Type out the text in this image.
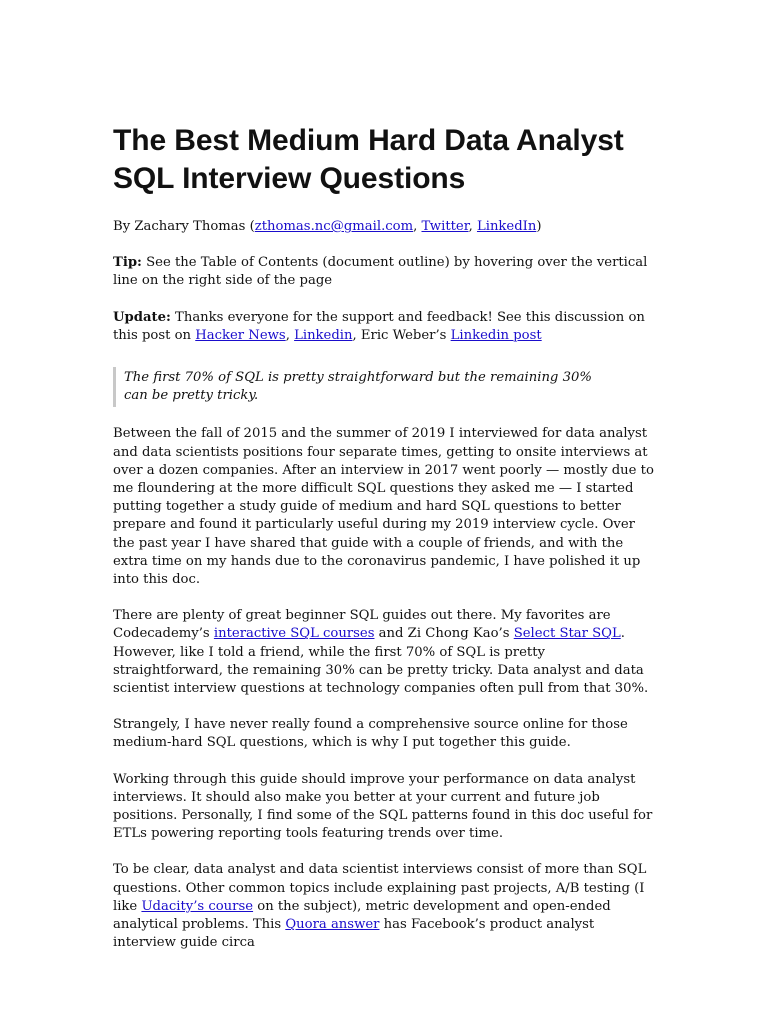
The Best Medium Hard Data Analyst SQL Interview Questions

By Zachary Thomas (zthomas.nc@gmail.com, Twitter, LinkedIn)

Tip: See the Table of Contents (document outline) by hovering over the vertical line on the right side of the page

Update: Thanks everyone for the support and feedback! See this discussion on this post on Hacker News, Linkedin, Eric Weber’s Linkedin post

The first 70% of SQL is pretty straightforward but the remaining 30% can be pretty tricky.

Between the fall of 2015 and the summer of 2019 I interviewed for data analyst and data scientists positions four separate times, getting to onsite interviews at over a dozen companies. After an interview in 2017 went poorly — mostly due to me floundering at the more difficult SQL questions they asked me — I started putting together a study guide of medium and hard SQL questions to better prepare and found it particularly useful during my 2019 interview cycle. Over the past year I have shared that guide with a couple of friends, and with the extra time on my hands due to the coronavirus pandemic, I have polished it up into this doc.

There are plenty of great beginner SQL guides out there. My favorites are Codecademy’s interactive SQL courses and Zi Chong Kao’s Select Star SQL. However, like I told a friend, while the first 70% of SQL is pretty straightforward, the remaining 30% can be pretty tricky. Data analyst and data scientist interview questions at technology companies often pull from that 30%.

Strangely, I have never really found a comprehensive source online for those medium-hard SQL questions, which is why I put together this guide.

Working through this guide should improve your performance on data analyst interviews. It should also make you better at your current and future job positions. Personally, I find some of the SQL patterns found in this doc useful for ETLs powering reporting tools featuring trends over time.

To be clear, data analyst and data scientist interviews consist of more than SQL questions. Other common topics include explaining past projects, A/B testing (I like Udacity’s course on the subject), metric development and open-ended analytical problems. This Quora answer has Facebook’s product analyst interview guide circa
